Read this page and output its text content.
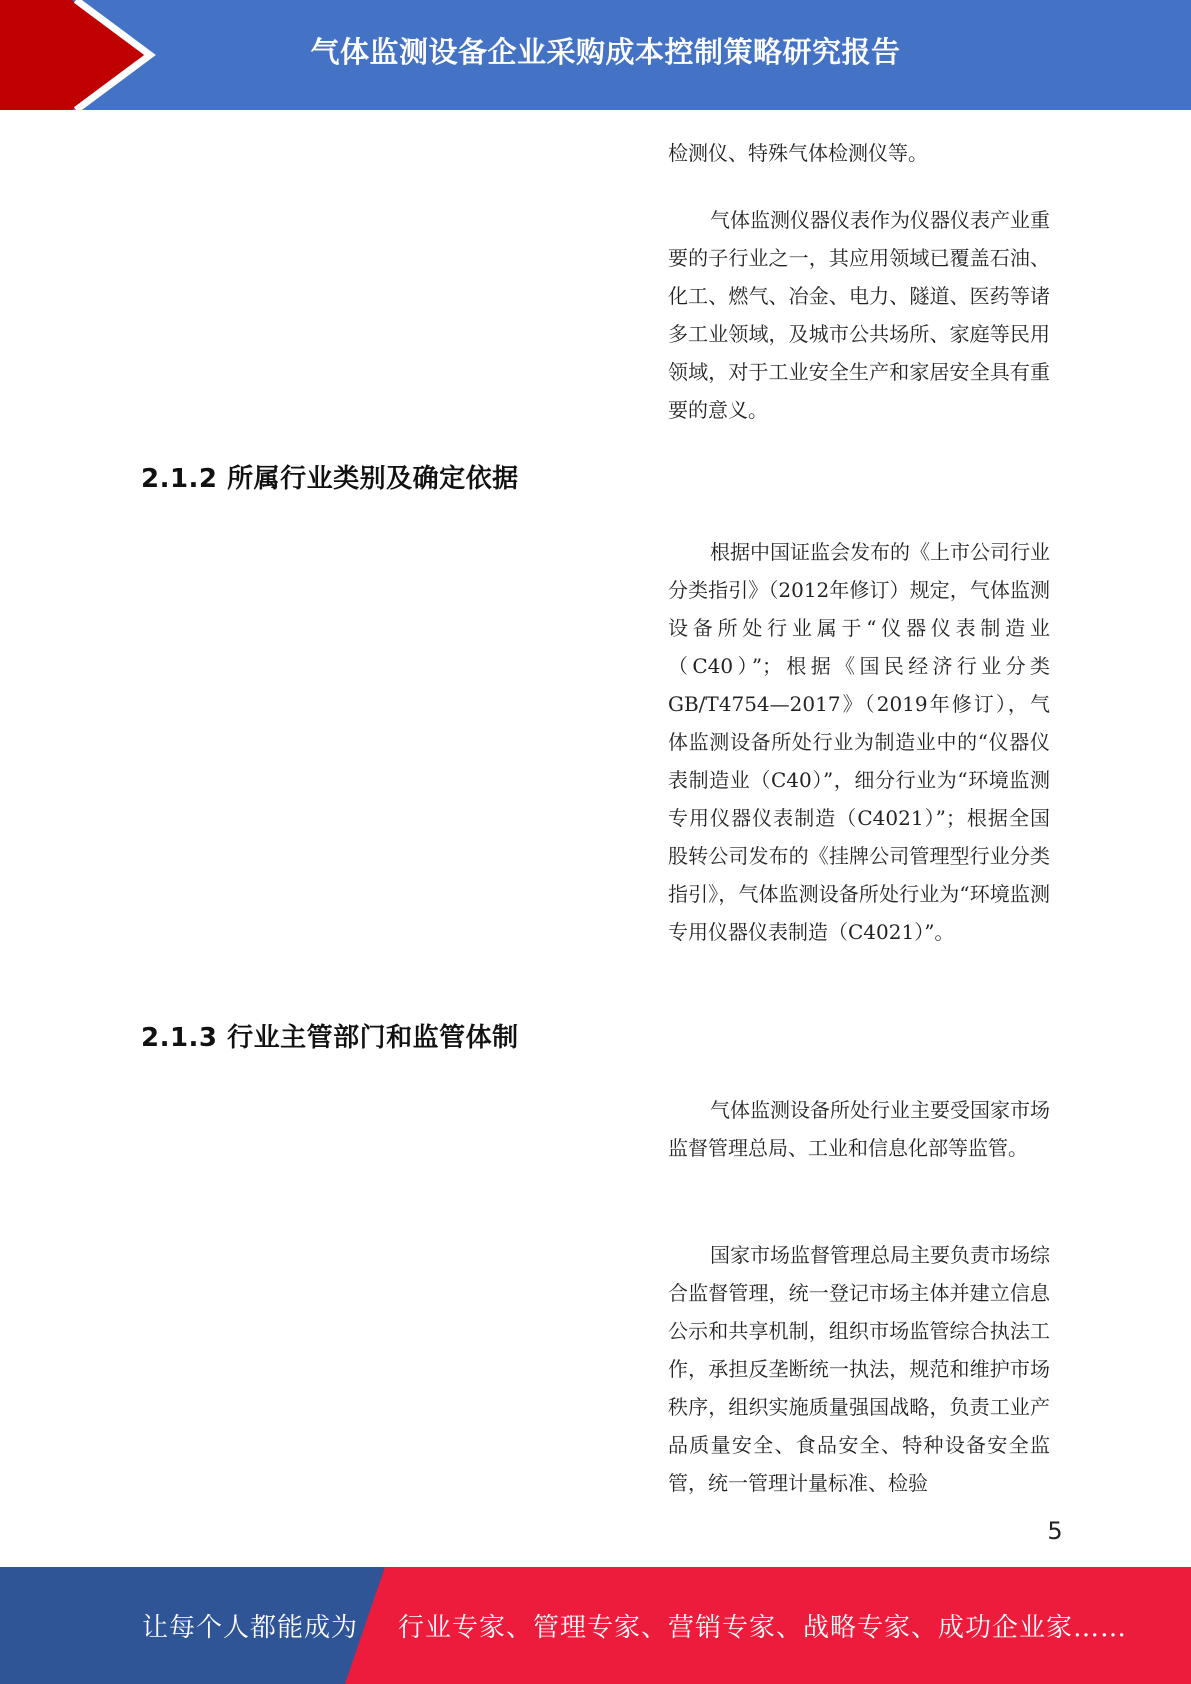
气体监测设备企业采购成本控制策略研究报告

检测仪、特殊气体检测仪等。

气体监测仪器仪表作为仪器仪表产业重要的子行业之一，其应用领域已覆盖石油、化工、燃气、冶金、电力、隧道、医药等诸多工业领域，及城市公共场所、家庭等民用领域，对于工业安全生产和家居安全具有重要的意义。

2.1.2 所属行业类别及确定依据

根据中国证监会发布的《上市公司行业分类指引》（2012年修订）规定，气体监测设备所处行业属于“仪器仪表制造业（C40）”；根据《国民经济行业分类GB/T4754—2017》（2019年修订），气体监测设备所处行业为制造业中的“仪器仪表制造业（C40）”，细分行业为“环境监测专用仪器仪表制造（C4021）”；根据全国股转公司发布的《挂牌公司管理型行业分类指引》，气体监测设备所处行业为“环境监测专用仪器仪表制造（C4021）”。

2.1.3 行业主管部门和监管体制

气体监测设备所处行业主要受国家市场监督管理总局、工业和信息化部等监管。

国家市场监督管理总局主要负责市场综合监督管理，统一登记市场主体并建立信息公示和共享机制，组织市场监管综合执法工作，承担反垄断统一执法，规范和维护市场秩序，组织实施质量强国战略，负责工业产品质量安全、食品安全、特种设备安全监管，统一管理计量标准、检验

5
让每个人都能成为 行业专家、管理专家、营销专家、战略专家、成功企业家……
